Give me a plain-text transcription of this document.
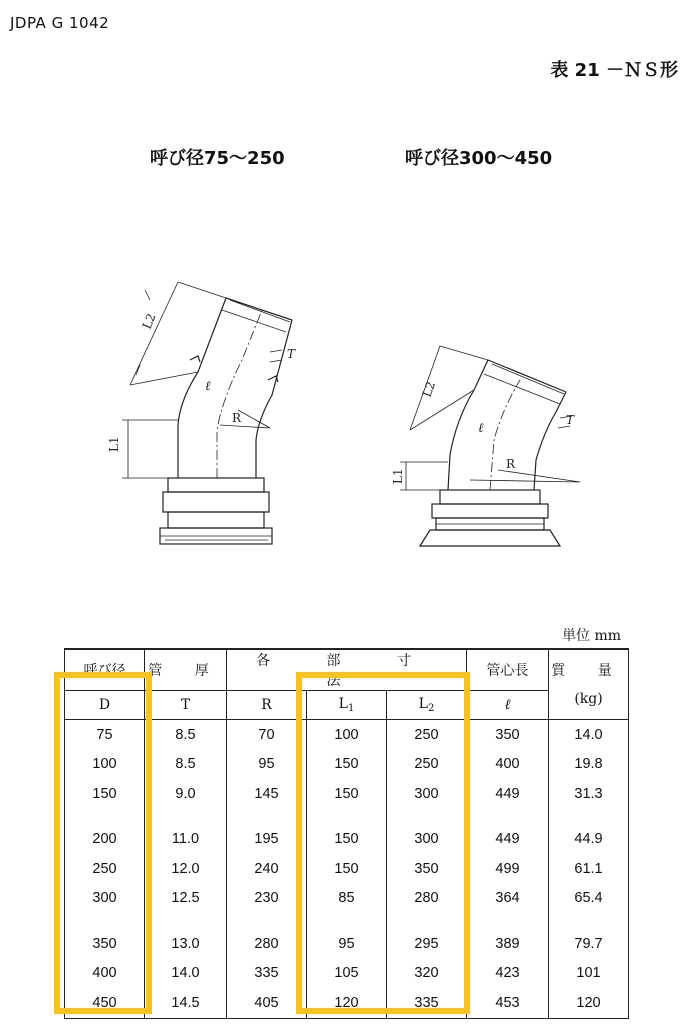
JDPA G 1042
表 21 －ＮＳ形
呼び径75〜250	呼び径300〜450
L2
L1
T
R
ℓ	L2
L1
T
R
ℓ
単位 mm
呼び径	管 厚	各 部 寸 法			管心長	質 量
D	T	R	$L_1$	$L_2$	ℓ	(kg)
75	8.5	70	100	250	350	14.0
100	8.5	95	150	250	400	19.8
150	9.0	145	150	300	449	31.3
200	11.0	195	150	300	449	44.9
250	12.0	240	150	350	499	61.1
300	12.5	230	85	280	364	65.4
350	13.0	280	95	295	389	79.7
400	14.0	335	105	320	423	101
450	14.5	405	120	335	453	120
